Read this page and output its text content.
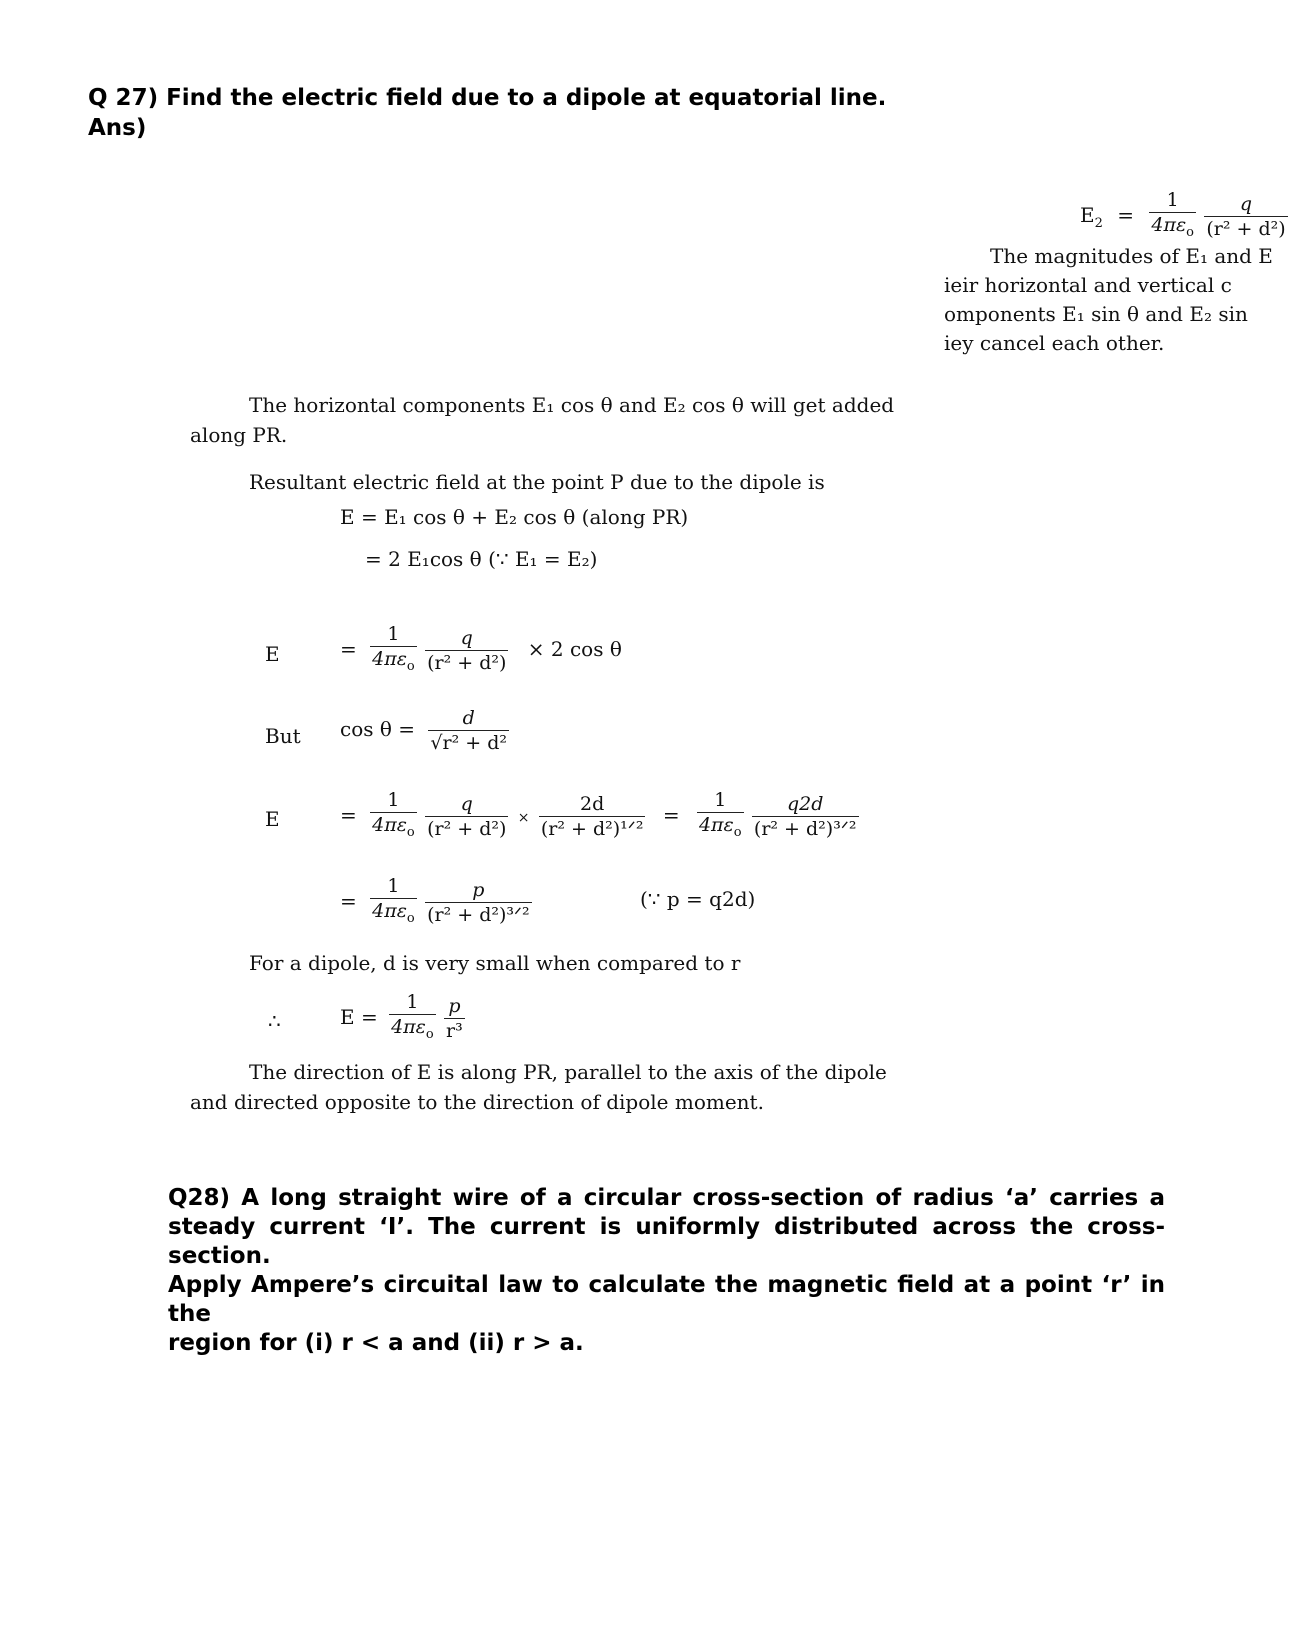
Q 27) Find the electric field due to a dipole at equatorial line.
Ans)
$E_2 = \frac{1}{4\pi\varepsilon_o}$
$\frac{q}{\text{(r² + d²)}}$
The magnitudes of E₁ and E
ieir horizontal and vertical c
omponents E₁ sin θ and E₂ sin
iey cancel each other.
The horizontal components E₁ cos θ and E₂ cos θ will get added
along PR.
Resultant electric field at the point P due to the dipole is
E = E₁ cos θ + E₂ cos θ (along PR)
= 2 E₁cos θ (∵ E₁ = E₂)
E	= $\frac{1}{4\pi\varepsilon_o}$
$\frac{q}{\text{(r² + d²)}} \times 2$ cos θ
But $\cos \theta = \frac{d}{\text{√r² + d²}}$
E	= $\frac{1}{4\pi\varepsilon_o}$
$\frac{q}{\text{(r² + d²)}} \times \frac{2d}{\text{(r² + d²)¹ᐟ²}} = \frac{1}{4\pi\varepsilon_o}$
$\frac{q2d}{\text{(r² + d²)³ᐟ²}}$
= $\frac{1}{4\pi\varepsilon_o}$
$\frac{p}{\text{(r² + d²)³ᐟ²}}$	(∵ p = q2d)
For a dipole, d is very small when compared to r
∴	$E = \frac{1}{4\pi\varepsilon_o}$
$\frac{p}{\text{r³}}$
The direction of E is along PR, parallel to the axis of the dipole
and directed opposite to the direction of dipole moment.
Q28) A long straight wire of a circular cross-section of radius ‘a’ carries a
steady current ‘I’. The current is uniformly distributed across the cross-section.
Apply Ampere’s circuital law to calculate the magnetic field at a point ‘r’ in the
region for (i) r < a and (ii) r > a.
